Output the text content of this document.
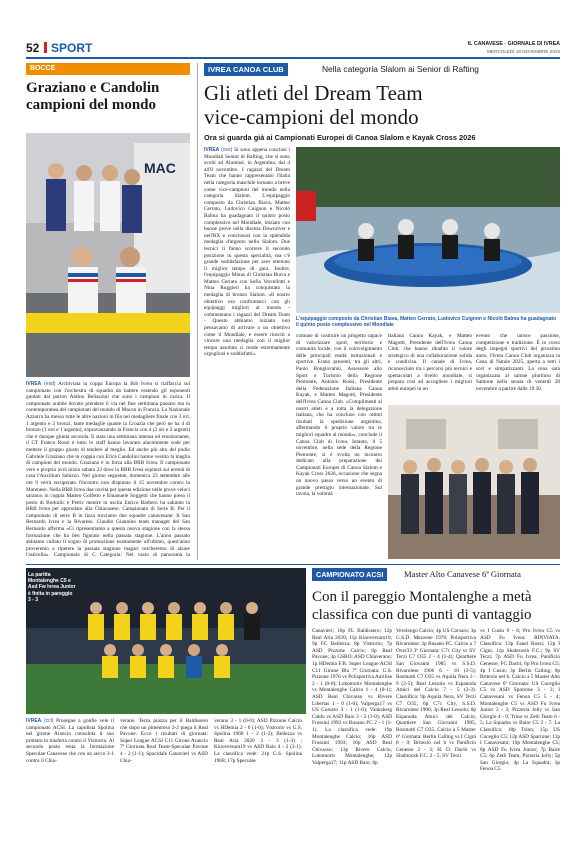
52 SPORT	IL CANAVESE · GIORNALE DI IVREA
MERCOLEDÌ 19 NOVEMBRE 2025
BOCCE
Graziano e Candolin campioni del mondo
MAC
IVREA (esd) Archiviata la coppa Europa la Brb Ivrea si riaffaccia sul campionato con l'orchestra di squadra da battere essendo gli esponenti guidati dal patron Aldino Bellazzini che sono i campioni in carica. Il campionato arabbe dovuto prendere il via nel fine settimana passato ma in contemporanea dei campionati del mondo di Macon in Francia. La Nazionale Azzurra ha messo tutte le altre nazioni in fila nel medagliere finale con 3 ori, 1 argento e 2 bronzi, tante medaglie quante la Croazia che però ne ha 4 di bronzo (1 oro e 1 argento), sopravanzando la Francia con 4 (2 ori e 2 argenti) che è dunque giunta seconda. Il stata una settimana intensa ed emozionante, il CT Franco Rossi è tutto lo staff hanno lavorato alacremente sode per mettere il gruppo giusto di tendere al meglio. Ed anche più alto del podio Gabriele Graziano che in coppia con Erica Candolini hanno vestito la maglia di campioni del mondo. Graziano è in forza alla BRB Ivrea. Il campionato vero e proprio avrà inizio sabato 22 dove la BRB Ivrea ospiterà sui terreni di casa l'Auxilium Saluzzo. Nel giorno seguente, domenica 23 settembre alle ore 9 verrà recuperato l'incontro non disputato il 15 novembre contro la Marenese. Nella BRB Ivrea due novità per questa edizione nelle prove veloci saranno in coppia Matteo Golfetto e Emanuele Soggetti che hanno preso il posto di Borkulic e Petric mentre in uscita Enrico Barbero ha salutato la BRB Ivrea per approdare alla Chiavasese. Campionato di Serie B: Per il campionato di serie B in lizza troviamo due squadre canavesane: Il San Bernardo Ivrea e la Rivarese. Claudio Giannino team manager del San Bernardo afferma «Ci ripresentiamo a questa nuova stagione con la stessa formazione che ha ben figurato nella passata stagione. L'anno passato abbiamo cullato il sogno di promozione esattamente all'ultimo, quest'anno proveremo a ripetere la passata stagione magari cercheremo di alzare l'asticella». Campionato di C Categoria: Nel vasto di panorama la
IVREA CANOA CLUB	Nella categoria Slalom ai Senior di Rafting
Gli atleti del Dream Team
vice-campioni del mondo
Ora si guarda già ai Campionati Europei di Canoa Slalom e Kayak Cross 2026
IVREA (ces) Si sono appena conclusi i Mondiali Senior di Rafting, che si sono svolti ad Aluminé, in Argentina, dal 4 all'8 novembre. I ragazzi del Dream Team che hanno rappresentato l'Italia nella categoria maschile tornano a breve come vice-campioni del mondo nella categoria Slalom. L'equipaggio composto da Christian Biava, Matteo Cerrato, Ludovico Cuignon e Nicolò Balma ha guadagnato il quinto posto complessivo nel Mondiale, iniziato con buone prove nella discesa Downriver e nell'RX e conclusosi con la splendida medaglia d'argento nello Slalom. Due tecnici lì fanno scorrere il secondo posizione in questa specialità, ma c'è grande soddisfazione per aver ottenuto il miglior tempo di gara. Inoltre, l'equipaggio Minus di Christian Biava e Matteo Cerrato con Sofia Vercellotti e Nina Ruggieri ha conquistato la medaglia di bronzo Slalom. «Il nostro obiettivo era confrontarci con gli equipaggi migliori al mondo - commentano i ragazzi del Dream Team - Questo abbiamo iniziato non pensavamo di arrivare a un obiettivo come il Mondiale, e essere riusciti a vincere una medaglia con il miglior tempo assoluto ci rende estremamente orgogliosi e soddisfatti».
L'equipaggio composto da Christian Biava, Matteo Cerrato, Ludovico Cuignon e Nicolò Balma ha guadagnato il quinto posto complessivo nel Mondiale
comune di costruire un progetto capace di valorizzare sport, territorio e comunità locale, con il coinvolgimento delle principali realtà istituzionali e sportive. Erano presenti, tra gli altri, Paolo Bongiovanni, Assessore allo Sport e Turismo della Regione Piemonte, Antonio Rossi, Presidente della Federazione Italiana Canoa Kayak, e Matteo Magotti, Presidente dell'Ivrea Canoa Club. «Complimenti ai nostri atleti e a tutta la delegazione italiana, che ha concluso con ottimi risultati la spedizione argentina, affermando il proprio valore tra le migliori squadre al mondo», conclude il Canoa Club di Ivrea. Intanto, il 5 novembre, nella sede della Regione Piemonte, si è svolta un incontro dedicato alla preparazione dei Campionati Europei di Canoa Slalom e Kayak Cross 2026, occasione che segna un nuovo passo verso un evento di grande prestigio internazionale. Sul tavola, la volontà
Italiana Canoa Kayak, e Matteo Magotti, Presidente dell'Ivrea Canoa Club, che hanno ribadito il valore strategico di una collaborazione solida e condivisa. Il canale di Ivrea, riconosciuto tra i percorsi più tecnici e spettacolari a livello mondiale, si prepara così ad accogliere i migliori atleti europei in un
evento che unisce passione, competizione e tradizione. È in corso degli impegni sportivi del prossimo anno, l'Ivrea Canoa Club organizza la Cena di Natale 2025, aperta a tutti i soci e simpatizzanti. La cena sarà organizzata al salone plurituso di Samone nella serata di venerdì 28 novembre a partire dalle 19.30.
La partita Montalenghe C5 e Asd Fw Ivrea Junior è finita in pareggio 3 - 3
CAMPIONATO ACSI	Master Alto Canavese 6ª Giornata
Con il pareggio Montalenghe a metà classifica con due punti di vantaggio
IVREA (ccl) Prosegue a gonfie vele il campionato ACSI. La capolista Spolina nel girone Arancio consolida il suo primato in trasferta contro il Vistrorio. Al secondo posto resta la formazione Speculae Canavese che con un secco 3-1 contro il Chia-
verano. Terza piazza per il Baldissero che dopo un pimentoso 2-2 piega il Real Pavone. Ecco i risultati di giornata: Super League ACSI C11 Girone Arancio 7ª Giornata Real Team-Speculae Pavone 4 - 2 (1-1); Spocidale Canavieri vs ASD Chia-
verano 3 - 1 (0-0); ASD Pizzone Calcio vs HDemia 2 - 0 (1-0); Vistrorio vs G.S. Spolina 1968 1 - 2 (1-2); Bellezza vs Real Aria 2020 3 - 3 (1-3) ; Kinoversum19 vs ASD Baio 4 - 2 (2-1). La classifica vede: 21p G.S. Spolina 1968; 17p Speculae
Canavieri; 16p FL Baldissero; 12p Real Aria 2020; 11p Kinoversum19; 9p FC Bellezza; 8p Vistrorio; 7p ASD Pizzone Calcio; 6p Real Pavone; 3p GSRO; ASD Chiaverano; 1p HDemia F.B. Super League ACSI C11 Girone Blu 7ª Giornata: G.S. Pizzone 1976 vs Polisportiva Aurilise 2 - 1 (0-0); Lokomotiv Montalenghe vs Montalenghe Calcio 1 - 4 (0-1); ASD Real Chivasso vs Rivere Libertas 1 - 0 (1-0); Valperga17 vs US Corsaro 3 - 1 (1-0); Vanksberg Caldo vs ASD Baio 3 - 2 (1-0); ASD Frossini 1993 vs Busano FC 2 - 1 (1-1). La classifica vede: 19p Montalenghe Calcio; 16p ASD Frossini 1993; 16p ASD Real Chivasso; 13p Rivere Calcio, Lokomotiv Montalenghe; 12p Valperga17; 11p ASD Baio; 8p
Verolengo Calcio; 4p US Corsaro; 3p G.S.D. Mezzene 1976; Polisportiva Rivarolese; 2p Busano FC. Calcio a 7 Over33 3ª Giornata: C7c City vs SV Terzi C7 O35 2 - 4 (1-4); Quartiere San Giovanni 1985 vs S.S.D. Rivarolese 1906 6 - 10 (2-5); Rosmotti C7 O35 vs Aquila Nera 3 - 9 (2-5); Real Lessolo vs Espanoda Amici del Calcio 7 - 5 (2-3). Classifica: 9p Aquila Nera, SV Terzi C7 O35; 6p C7c City, S.S.D. Rivarolese 1906; 3p Real Lessolo; 0p Espanoda Amici del Calcio, Quartiere San Giovanni 1985, Rosmotti C7 O35. Calcio a 5 Master 6ª Giornata: Berlin Calling vs I Cigni 8 - 9; Britexlo nel b vs Panificio Genesse 2 - 3; H. D. Dachi vs Shabroosh F.C. 2 - 5; SV Terzi
vs I Cusin 9 - 6; Pro Ivrea C5 vs ASD Fu Ivrea: RINVIATA. Classifica: 13p Fanel Rossi; 12p I Cigni; 11p Shabroosh F.C.; 9p SV Terzi; 7p ASD Fu Ivrea, Panificio Genesse, FC Dachi; 6p Pro Ivrea C5; 4p I Cusin; 3p Berlin Calling; 0p Britexlo nel b. Calcio a 5 Master Alto Canavese 6ª Giornata: US Cuceglio C5 vs ASD Sparrone 3 - 3; I Canavesani vs Fenoa C5 5 - 4; Montalenghe C5 vs ASD Fu Ivrea Junior 3 - 3; Pizzeria Jolly vs San Giorgio 4 - 9; Trino vs Zeth Team 6 - 5; La Squadra vs Baire C5 2 - 7. La Classifica: 18p Tsinn; 15p US Cuceglio C5; 12p ASD Sparrone; 11p I Canavesani; 10p Montalenghe C5; 8p ASD Fu Ivrea Junior; 7p Baire C5; 6p Zeth Team, Pizzeria Jolly; 5p San Giorgio; 4p La Squadra; 3p Fenoa C5.
